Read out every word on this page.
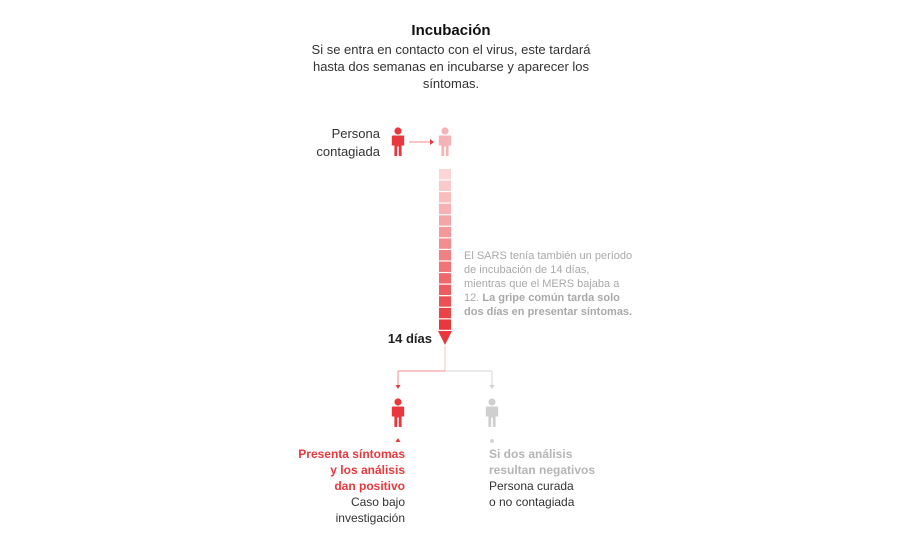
Incubación
Si se entra en contacto con el virus, este tardará hasta dos semanas en incubarse y aparecer los síntomas.
Persona contagiada
14 días
El SARS tenía también un período de incubación de 14 días, mientras que el MERS bajaba a 12. La gripe común tarda solo dos días en presentar síntomas.
Presenta síntomas
y los análisis
dan positivo
Caso bajo
investigación
Si dos análisis
resultan negativos
Persona curada
o no contagiada
